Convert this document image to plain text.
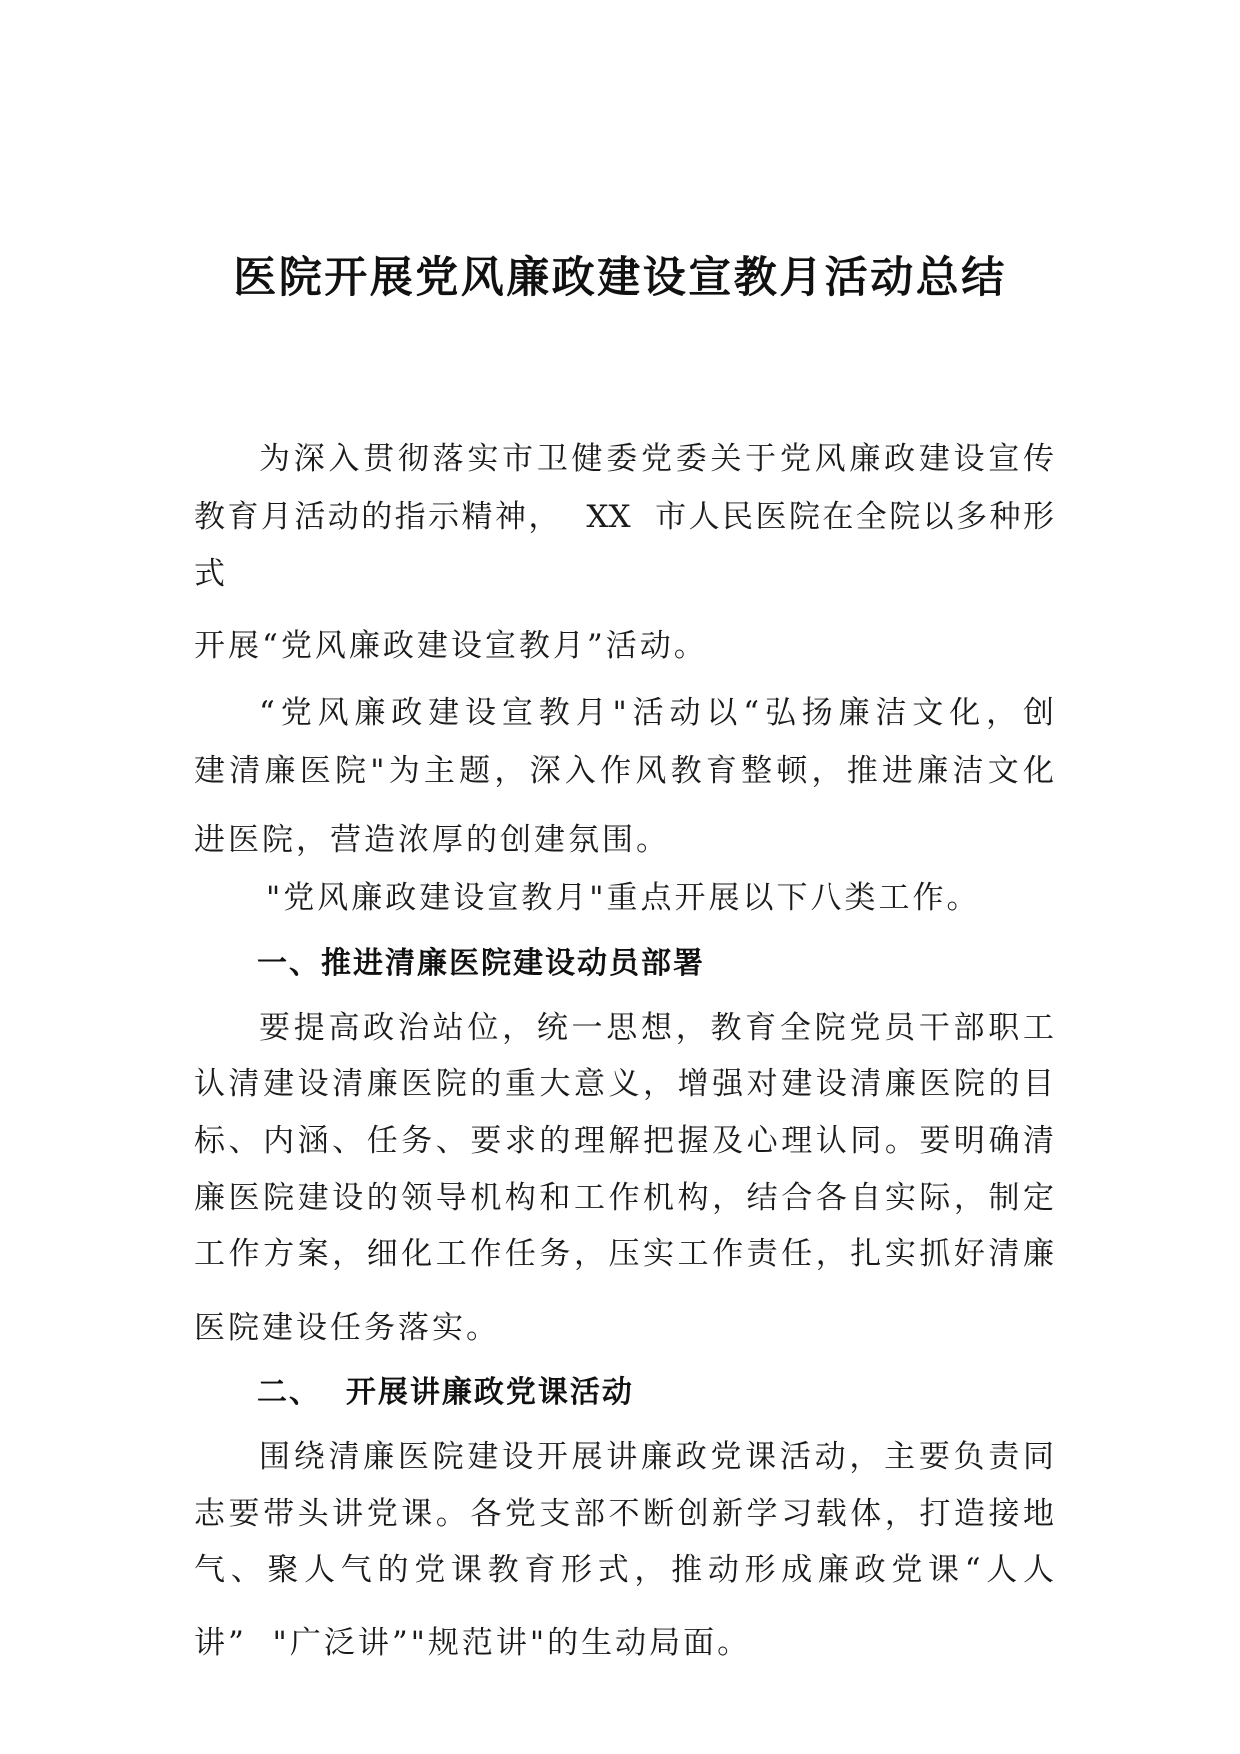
医院开展党风廉政建设宣教月活动总结
为深入贯彻落实市卫健委党委关于党风廉政建设宣传
教育月活动的指示精神，  XX  市人民医院在全院以多种形
式
开展“党风廉政建设宣教月”活动。
“党风廉政建设宣教月"活动以“弘扬廉洁文化，创
建清廉医院"为主题，深入作风教育整顿，推进廉洁文化
进医院，营造浓厚的创建氛围。
"党风廉政建设宣教月"重点开展以下八类工作。
一、推进清廉医院建设动员部署
要提高政治站位，统一思想，教育全院党员干部职工
认清建设清廉医院的重大意义，增强对建设清廉医院的目
标、内涵、任务、要求的理解把握及心理认同。要明确清
廉医院建设的领导机构和工作机构，结合各自实际，制定
工作方案，细化工作任务，压实工作责任，扎实抓好清廉
医院建设任务落实。
二、  开展讲廉政党课活动
围绕清廉医院建设开展讲廉政党课活动，主要负责同
志要带头讲党课。各党支部不断创新学习载体，打造接地
气、聚人气的党课教育形式，推动形成廉政党课“人人
讲”  "广泛讲”"规范讲"的生动局面。
